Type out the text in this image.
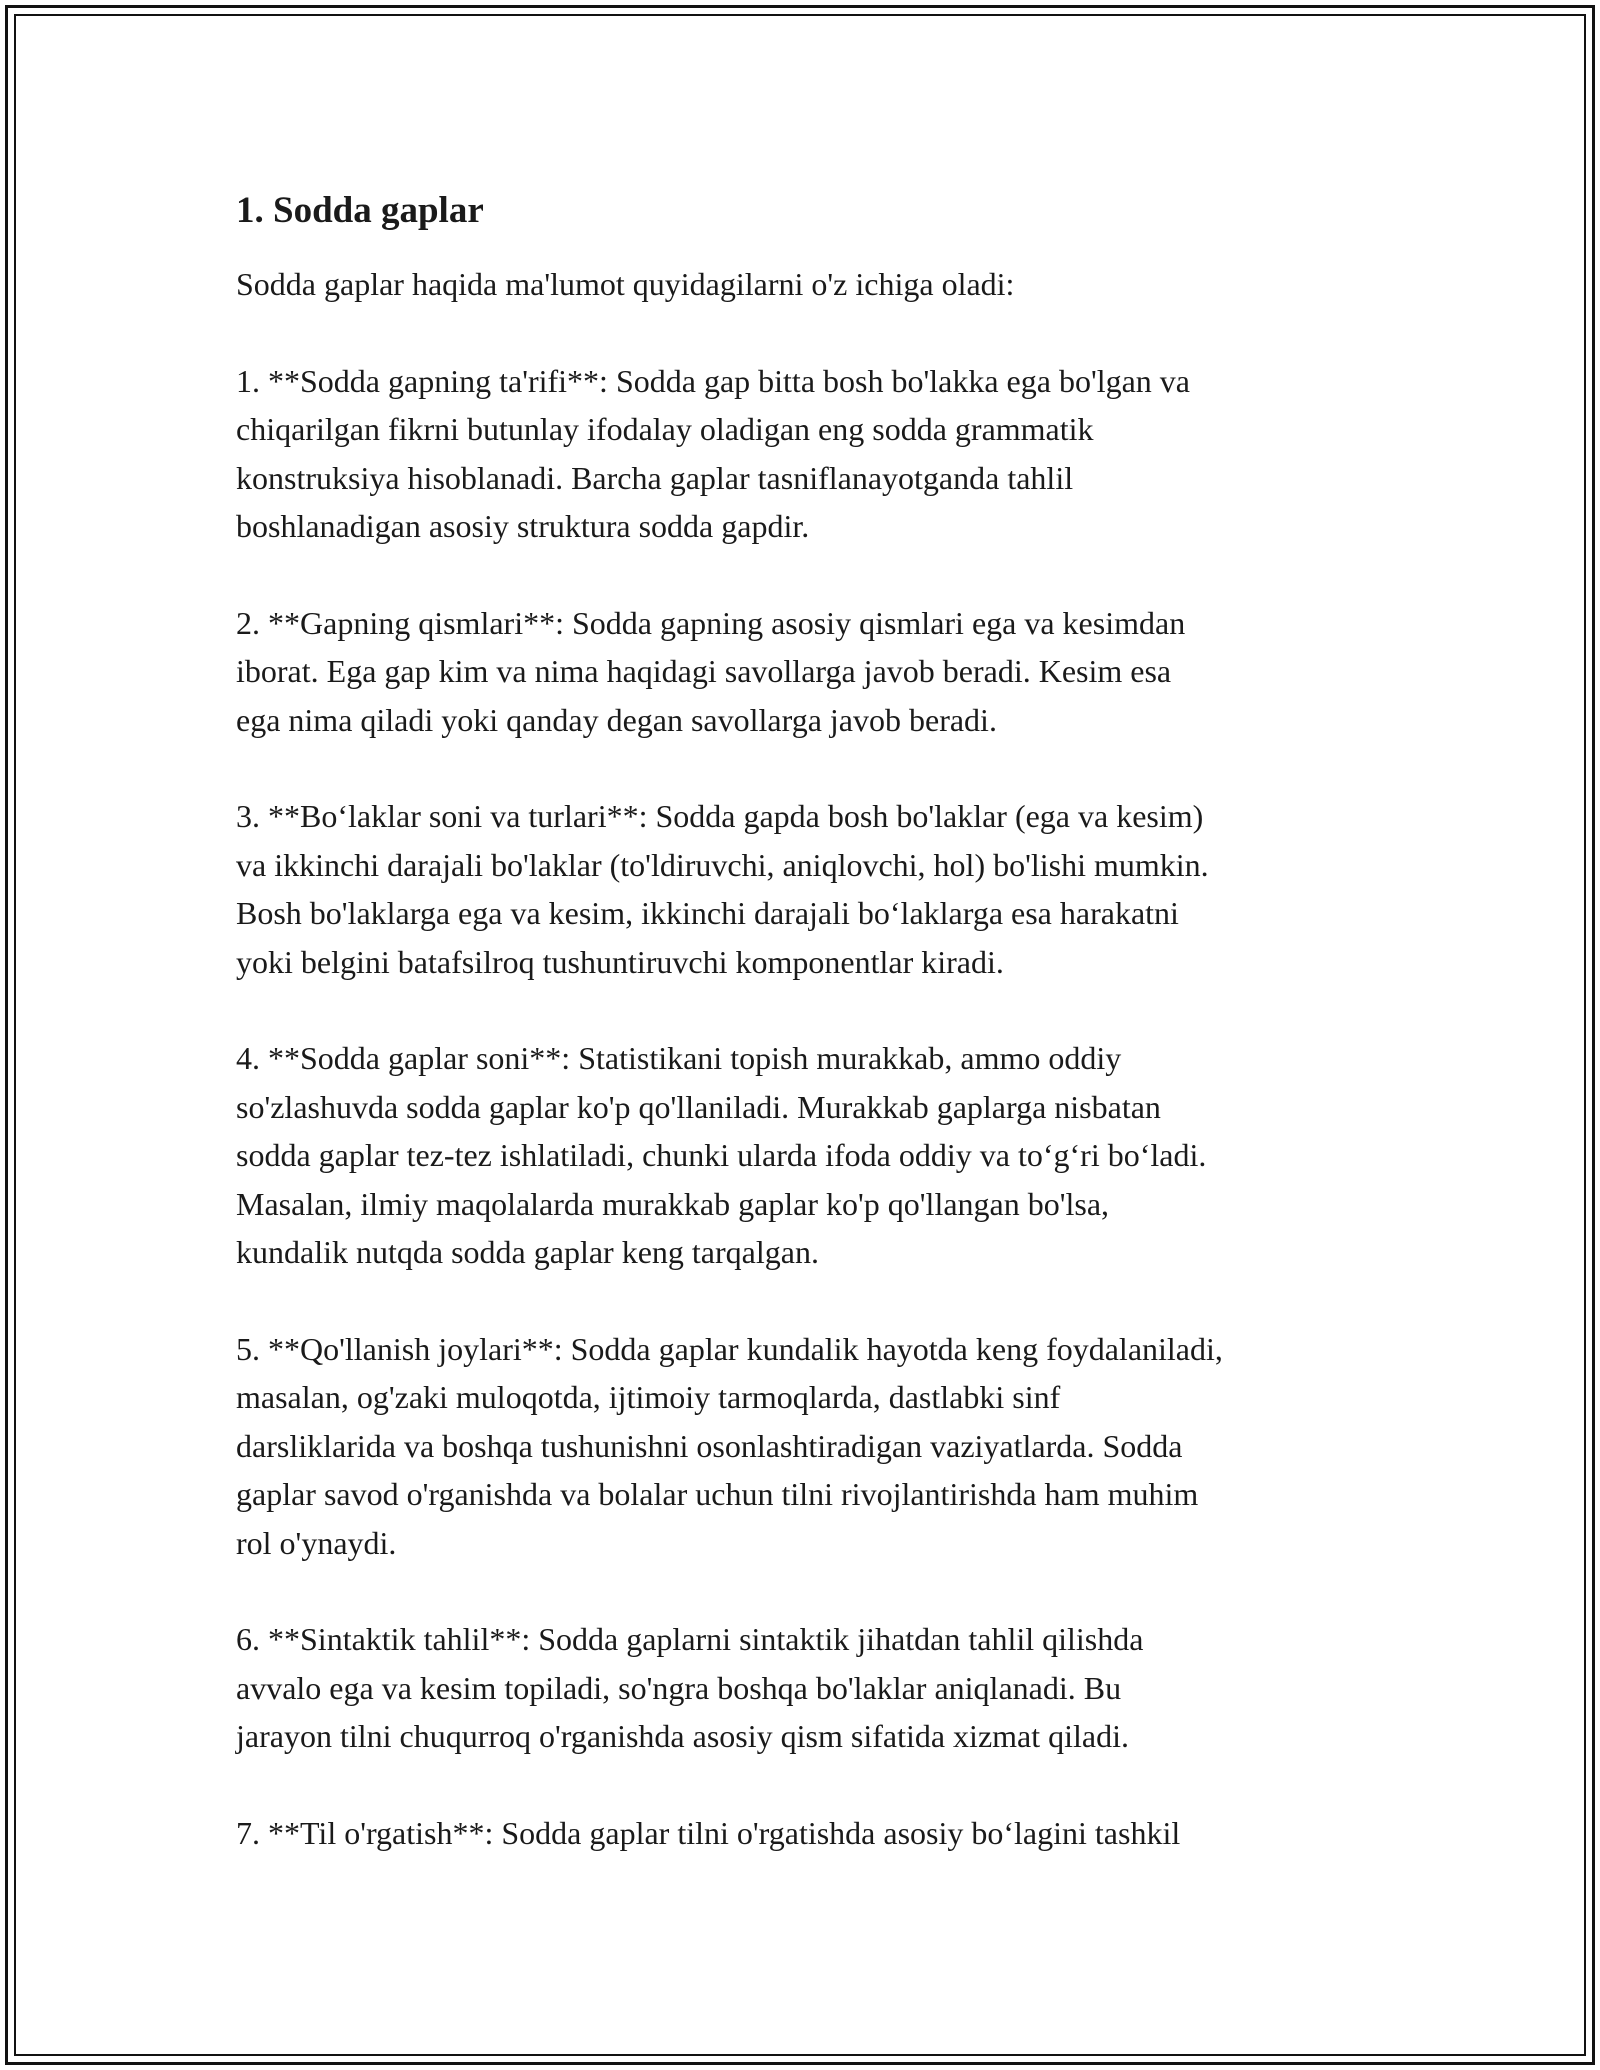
1. Sodda gaplar

Sodda gaplar haqida ma'lumot quyidagilarni o'z ichiga oladi:

1. **Sodda gapning ta'rifi**: Sodda gap bitta bosh bo'lakka ega bo'lgan va
chiqarilgan fikrni butunlay ifodalay oladigan eng sodda grammatik
konstruksiya hisoblanadi. Barcha gaplar tasniflanayotganda tahlil
boshlanadigan asosiy struktura sodda gapdir.
2. **Gapning qismlari**: Sodda gapning asosiy qismlari ega va kesimdan
iborat. Ega gap kim va nima haqidagi savollarga javob beradi. Kesim esa
ega nima qiladi yoki qanday degan savollarga javob beradi.
3. **Bo‘laklar soni va turlari**: Sodda gapda bosh bo'laklar (ega va kesim)
va ikkinchi darajali bo'laklar (to'ldiruvchi, aniqlovchi, hol) bo'lishi mumkin.
Bosh bo'laklarga ega va kesim, ikkinchi darajali bo‘laklarga esa harakatni
yoki belgini batafsilroq tushuntiruvchi komponentlar kiradi.
4. **Sodda gaplar soni**: Statistikani topish murakkab, ammo oddiy
so'zlashuvda sodda gaplar ko'p qo'llaniladi. Murakkab gaplarga nisbatan
sodda gaplar tez-tez ishlatiladi, chunki ularda ifoda oddiy va to‘g‘ri bo‘ladi.
Masalan, ilmiy maqolalarda murakkab gaplar ko'p qo'llangan bo'lsa,
kundalik nutqda sodda gaplar keng tarqalgan.
5. **Qo'llanish joylari**: Sodda gaplar kundalik hayotda keng foydalaniladi,
masalan, og'zaki muloqotda, ijtimoiy tarmoqlarda, dastlabki sinf
darsliklarida va boshqa tushunishni osonlashtiradigan vaziyatlarda. Sodda
gaplar savod o'rganishda va bolalar uchun tilni rivojlantirishda ham muhim
rol o'ynaydi.
6. **Sintaktik tahlil**: Sodda gaplarni sintaktik jihatdan tahlil qilishda
avvalo ega va kesim topiladi, so'ngra boshqa bo'laklar aniqlanadi. Bu
jarayon tilni chuqurroq o'rganishda asosiy qism sifatida xizmat qiladi.
7. **Til o'rgatish**: Sodda gaplar tilni o'rgatishda asosiy bo‘lagini tashkil
